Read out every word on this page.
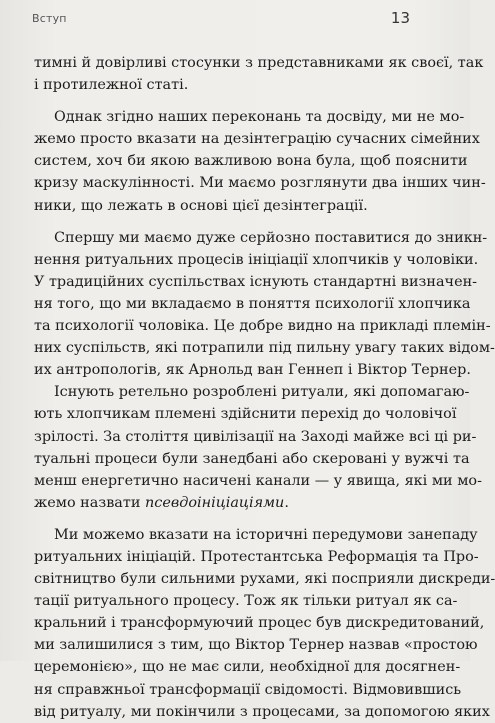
Вступ	13
тимні й довірливі стосунки з представниками як своєї, так
і протилежної статі.
Однак згідно наших переконань та досвіду, ми не мо-
жемо просто вказати на дезінтеграцію сучасних сімейних
систем, хоч би якою важливою вона була, щоб пояснити
кризу маскулінності. Ми маємо розглянути два інших чин-
ники, що лежать в основі цієї дезінтеграції.
Спершу ми маємо дуже серйозно поставитися до зникн-
нення ритуальних процесів ініціації хлопчиків у чоловіки.
У традиційних суспільствах існують стандартні визначен-
ня того, що ми вкладаємо в поняття психології хлопчика
та психології чоловіка. Це добре видно на прикладі племін-
них суспільств, які потрапили під пильну увагу таких відом-
их антропологів, як Арнольд ван Геннеп і Віктор Тернер.
Існують ретельно розроблені ритуали, які допомагаю-
ють хлопчикам племені здійснити перехід до чоловічої
зрілості. За століття цивілізації на Заході майже всі ці ри-
туальні процеси були занедбані або скеровані у вужчі та
менш енергетично насичені канали — у явища, які ми мо-
жемо назвати псевдоініціаціями.
Ми можемо вказати на історичні передумови занепаду
ритуальних ініціацій. Протестантська Реформація та Про-
світництво були сильними рухами, які посприяли дискреди-
тації ритуального процесу. Тож як тільки ритуал як са-
кральний і трансформуючий процес був дискредитований,
ми залишилися з тим, що Віктор Тернер назвав «простою
церемонією», що не має сили, необхідної для досягнен-
ня справжньої трансформації свідомості. Відмовившись
від ритуалу, ми покінчили з процесами, за допомогою яких
